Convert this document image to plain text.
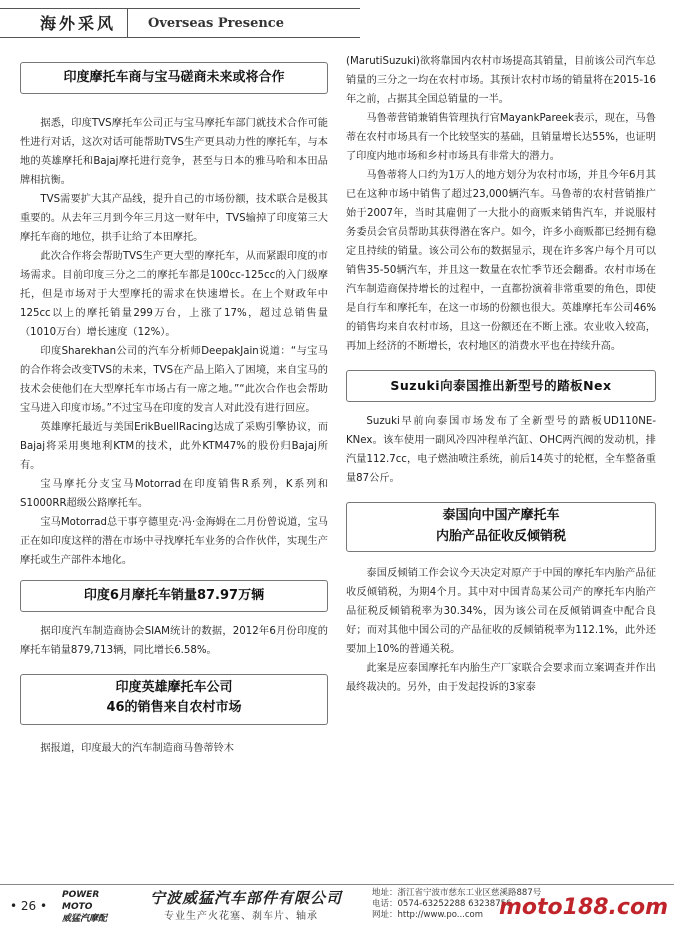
海外采风	Overseas Presence
印度摩托车商与宝马磋商未来或将合作

据悉，印度TVS摩托车公司正与宝马摩托车部门就技术合作可能性进行对话，这次对话可能帮助TVS生产更具动力性的摩托车，与本地的英雄摩托和Bajaj摩托进行竞争，甚至与日本的雅马哈和本田品牌相抗衡。

TVS需要扩大其产品线，提升自己的市场份额，技术联合是极其重要的。从去年三月到今年三月这一财年中，TVS输掉了印度第三大摩托车商的地位，拱手让给了本田摩托。

此次合作将会帮助TVS生产更大型的摩托车，从而紧跟印度的市场需求。目前印度三分之二的摩托车都是100cc-125cc的入门级摩托，但是市场对于大型摩托的需求在快速增长。在上个财政年中125cc以上的摩托销量299万台，上涨了17%，超过总销售量（1010万台）增长速度（12%）。

印度Sharekhan公司的汽车分析师DeepakJain说道：“与宝马的合作将会改变TVS的未来，TVS在产品上陷入了困境，来自宝马的技术会使他们在大型摩托车市场占有一席之地。”“此次合作也会帮助宝马进入印度市场。”不过宝马在印度的发言人对此没有进行回应。

英雄摩托最近与美国ErikBuellRacing达成了采购引擎协议，而Bajaj将采用奥地利KTM的技术，此外KTM47%的股份归Bajaj所有。

宝马摩托分支宝马Motorrad在印度销售R系列，K系列和S1000RR超级公路摩托车。

宝马Motorrad总干事亨德里克·冯·金海姆在二月份曾说道，宝马正在如印度这样的潜在市场中寻找摩托车业务的合作伙伴，实现生产摩托或生产部件本地化。

印度6月摩托车销量87.97万辆

据印度汽车制造商协会SIAM统计的数据，2012年6月份印度的摩托车销量879,713辆，同比增长6.58%。

印度英雄摩托车公司
46的销售来自农村市场

据报道，印度最大的汽车制造商马鲁蒂铃木

(MarutiSuzuki)欲将靠国内农村市场提高其销量，目前该公司汽车总销量的三分之一均在农村市场。其预计农村市场的销量将在2015-16年之前，占据其全国总销量的一半。

马鲁蒂营销兼销售管理执行官MayankPareek表示，现在，马鲁蒂在农村市场具有一个比较坚实的基础，且销量增长达55%，也证明了印度内地市场和乡村市场具有非常大的潜力。

马鲁蒂将人口约为1万人的地方划分为农村市场，并且今年6月其已在这种市场中销售了超过23,000辆汽车。马鲁蒂的农村营销推广始于2007年，当时其雇佣了一大批小的商贩来销售汽车，并说服村务委员会官员帮助其获得潜在客户。如今，许多小商贩都已经拥有稳定且持续的销量。该公司公布的数据显示，现在许多客户每个月可以销售35-50辆汽车，并且这一数量在农忙季节还会翻番。农村市场在汽车制造商保持增长的过程中，一直都扮演着非常重要的角色，即使是自行车和摩托车，在这一市场的份额也很大。英雄摩托车公司46%的销售均来自农村市场，且这一份额还在不断上涨。农业收入较高，再加上经济的不断增长，农村地区的消费水平也在持续升高。

Suzuki向泰国推出新型号的踏板Nex

Suzuki早前向泰国市场发布了全新型号的踏板UD110NE-KNex。该车使用一副风冷四冲程单汽缸、OHC两汽阀的发动机，排汽量112.7cc，电子燃油喷注系统，前后14英寸的轮框，全车整备重量87公斤。

泰国向中国产摩托车
内胎产品征收反倾销税

泰国反倾销工作会议今天决定对原产于中国的摩托车内胎产品征收反倾销税，为期4个月。其中对中国青岛某公司产的摩托车内胎产品征税反倾销税率为30.34%，因为该公司在反倾销调查中配合良好；而对其他中国公司的产品征收的反倾销税率为112.1%，此外还要加上10%的普通关税。

此案是应泰国摩托车内胎生产厂家联合会要求而立案调查并作出最终裁决的。另外，由于发起投诉的3家泰

• 26 •
POWER
MOTO
威猛汽摩配
宁波威猛汽车部件有限公司
专业生产火花塞、刹车片、轴承
地址：浙江省宁波市慈东工业区慈溪路887号
电话：0574-63252288 63238756
网址：http://www.po...com moto188.com
